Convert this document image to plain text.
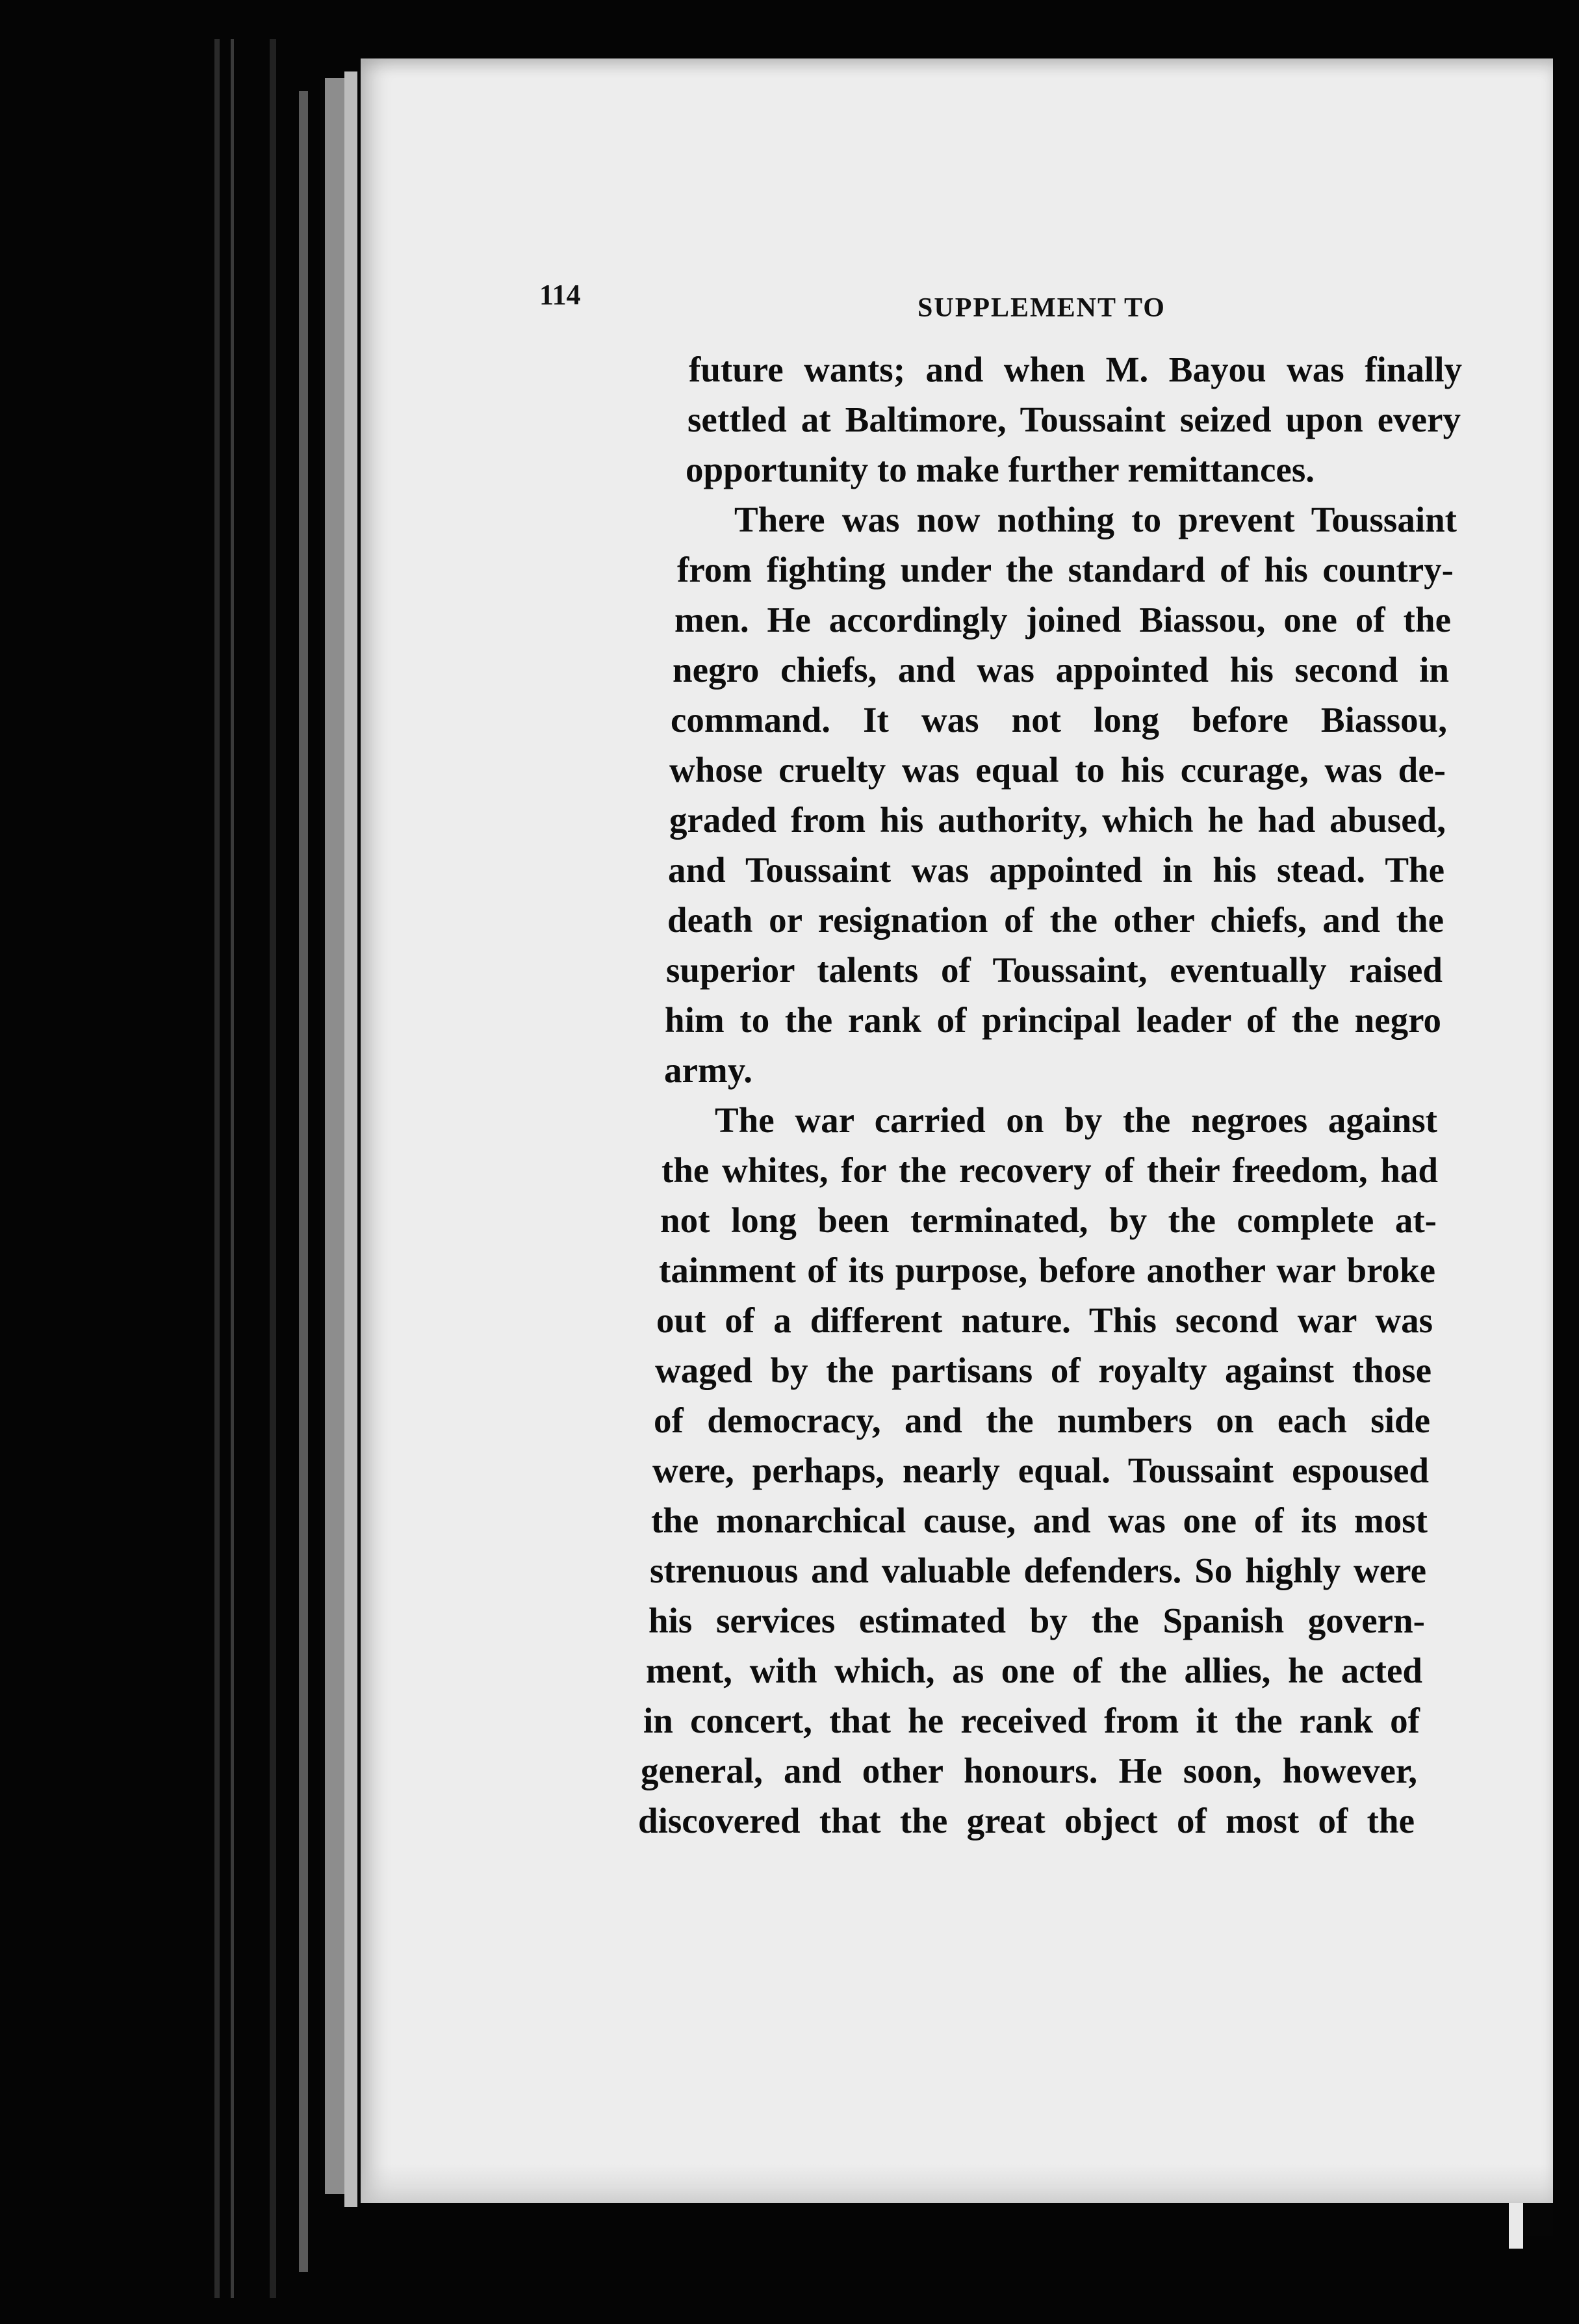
114	SUPPLEMENT TO
future wants; and when M. Bayou was finally
settled at Baltimore, Toussaint seized upon every
opportunity to make further remittances.
There was now nothing to prevent Toussaint
from fighting under the standard of his country-
men. He accordingly joined Biassou, one of the
negro chiefs, and was appointed his second in
command. It was not long before Biassou,
whose cruelty was equal to his ccurage, was de-
graded from his authority, which he had abused,
and Toussaint was appointed in his stead. The
death or resignation of the other chiefs, and the
superior talents of Toussaint, eventually raised
him to the rank of principal leader of the negro
army.
The war carried on by the negroes against
the whites, for the recovery of their freedom, had
not long been terminated, by the complete at-
tainment of its purpose, before another war broke
out of a different nature. This second war was
waged by the partisans of royalty against those
of democracy, and the numbers on each side
were, perhaps, nearly equal. Toussaint espoused
the monarchical cause, and was one of its most
strenuous and valuable defenders. So highly were
his services estimated by the Spanish govern-
ment, with which, as one of the allies, he acted
in concert, that he received from it the rank of
general, and other honours. He soon, however,
discovered that the great object of most of the
